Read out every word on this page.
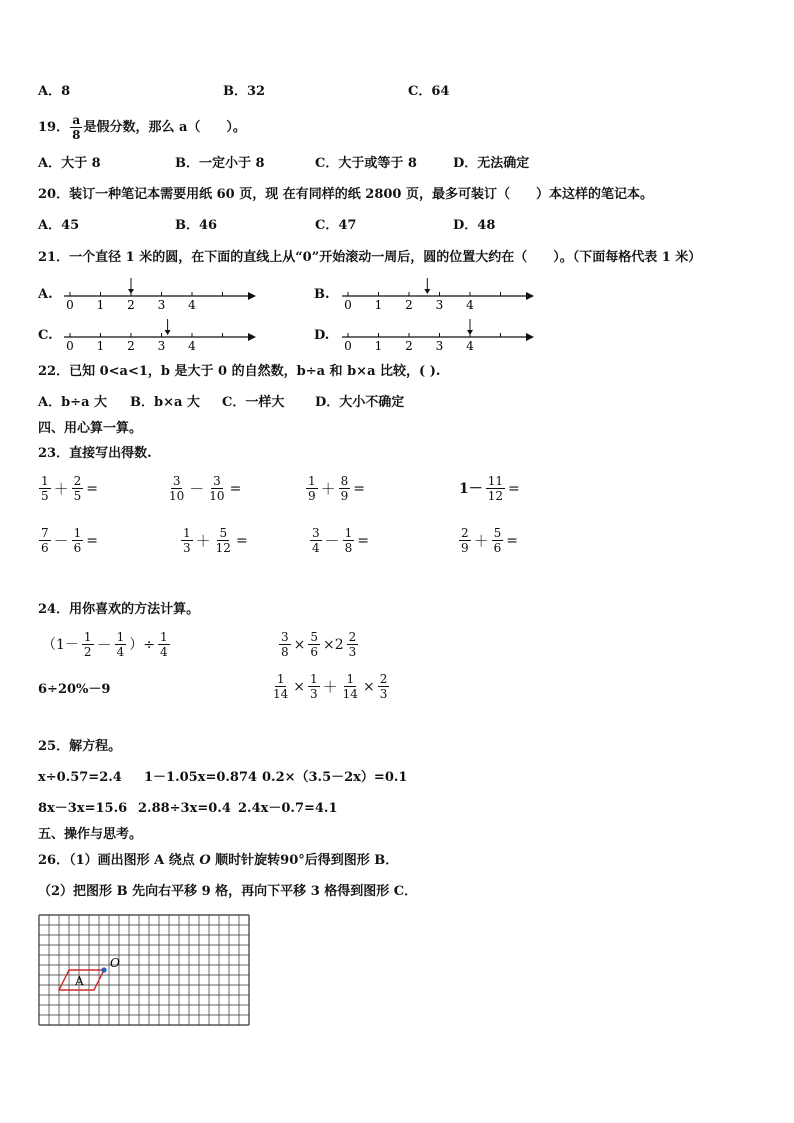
A．8	B．32	C．64
19． $\frac{a}{8}$ 是假分数，那么 a（　　）。
A．大于 8	B．一定小于 8	C．大于或等于 8	D．无法确定
20．装订一种笔记本需要用纸 60 页，现 在有同样的纸 2800 页，最多可装订（　　）本这样的笔记本。
A．45	B．46	C．47	D．48
21．一个直径 1 米的圆，在下面的直线上从“0”开始滚动一周后，圆的位置大约在（　　）。（下面每格代表 1 米）
A.	B.
C.	D.
0 1 2 3 4	0 1 2 3 4
0 1 2 3 4	0 1 2 3 4
22．已知 0<a<1，b 是大于 0 的自然数，b÷a 和 b×a 比较，( ).
A．b÷a 大 B．b×a 大 C．一样大 D．大小不确定
四、用心算一算。
23．直接写出得数.
$\frac{1}{5} + \frac{2}{5}$ =	$\frac{3}{10} - \frac{3}{10}$ =	$\frac{1}{9} + \frac{8}{9}$ =	$1- \frac{11}{12}$ =
$\frac{7}{6} - \frac{1}{6}$ =	$\frac{1}{3} + \frac{5}{12}$ =	$\frac{3}{4} - \frac{1}{8}$ =	$\frac{2}{9} + \frac{5}{6}$ =
24．用你喜欢的方法计算。
（$1- \frac{1}{2} - \frac{1}{4}$ ）÷ $\frac{1}{4}$	$\frac{3}{8} \times \frac{5}{6} \times 2 \frac{2}{3}$
6÷20%－9	$\frac{1}{14} \times \frac{1}{3} + \frac{1}{14} \times \frac{2}{3}$
25．解方程。
x÷0.57=2.4 1－1.05x=0.874 0.2×（3.5－2x）=0.1
8x－3x=15.6 2.88÷3x=0.4 2.4x－0.7=4.1
五、操作与思考。
26．（1）画出图形 A 绕点 O 顺时针旋转90°后得到图形 B．
（2）把图形 B 先向右平移 9 格，再向下平移 3 格得到图形 C．
A
O
